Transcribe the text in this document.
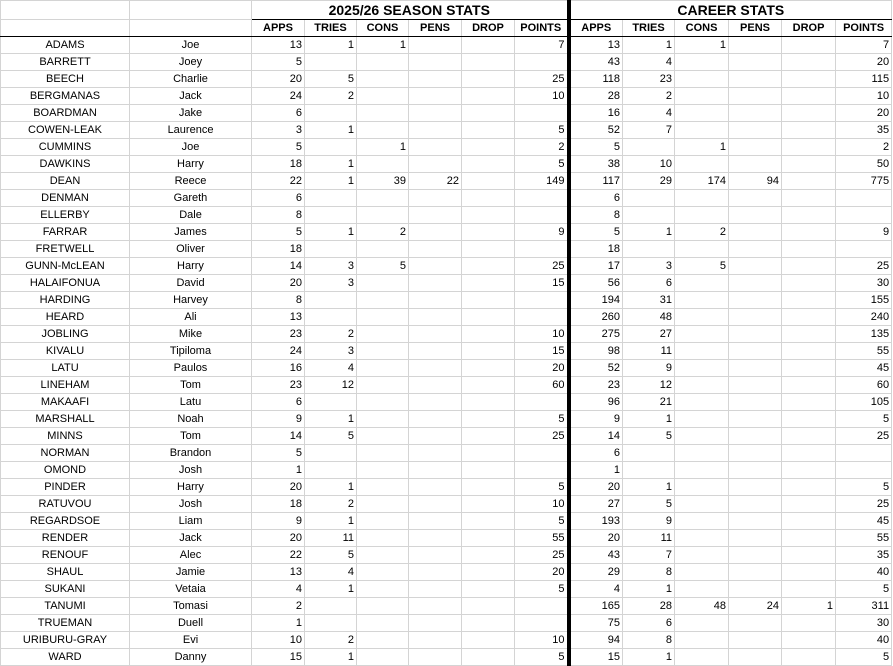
		2025/26 SEASON STATS						CAREER STATS					
		APPS	TRIES	CONS	PENS	DROP	POINTS	APPS	TRIES	CONS	PENS	DROP	POINTS
ADAMS	Joe	13	1	1			7	13	1	1			7
BARRETT	Joey	5						43	4				20
BEECH	Charlie	20	5				25	118	23				115
BERGMANAS	Jack	24	2				10	28	2				10
BOARDMAN	Jake	6						16	4				20
COWEN-LEAK	Laurence	3	1				5	52	7				35
CUMMINS	Joe	5		1			2	5		1			2
DAWKINS	Harry	18	1				5	38	10				50
DEAN	Reece	22	1	39	22		149	117	29	174	94		775
DENMAN	Gareth	6						6					
ELLERBY	Dale	8						8					
FARRAR	James	5	1	2			9	5	1	2			9
FRETWELL	Oliver	18						18					
GUNN-McLEAN	Harry	14	3	5			25	17	3	5			25
HALAIFONUA	David	20	3				15	56	6				30
HARDING	Harvey	8						194	31				155
HEARD	Ali	13						260	48				240
JOBLING	Mike	23	2				10	275	27				135
KIVALU	Tipiloma	24	3				15	98	11				55
LATU	Paulos	16	4				20	52	9				45
LINEHAM	Tom	23	12				60	23	12				60
MAKAAFI	Latu	6						96	21				105
MARSHALL	Noah	9	1				5	9	1				5
MINNS	Tom	14	5				25	14	5				25
NORMAN	Brandon	5						6					
OMOND	Josh	1						1					
PINDER	Harry	20	1				5	20	1				5
RATUVOU	Josh	18	2				10	27	5				25
REGARDSOE	Liam	9	1				5	193	9				45
RENDER	Jack	20	11				55	20	11				55
RENOUF	Alec	22	5				25	43	7				35
SHAUL	Jamie	13	4				20	29	8				40
SUKANI	Vetaia	4	1				5	4	1				5
TANUMI	Tomasi	2						165	28	48	24	1	311
TRUEMAN	Duell	1						75	6				30
URIBURU-GRAY	Evi	10	2				10	94	8				40
WARD	Danny	15	1				5	15	1				5
